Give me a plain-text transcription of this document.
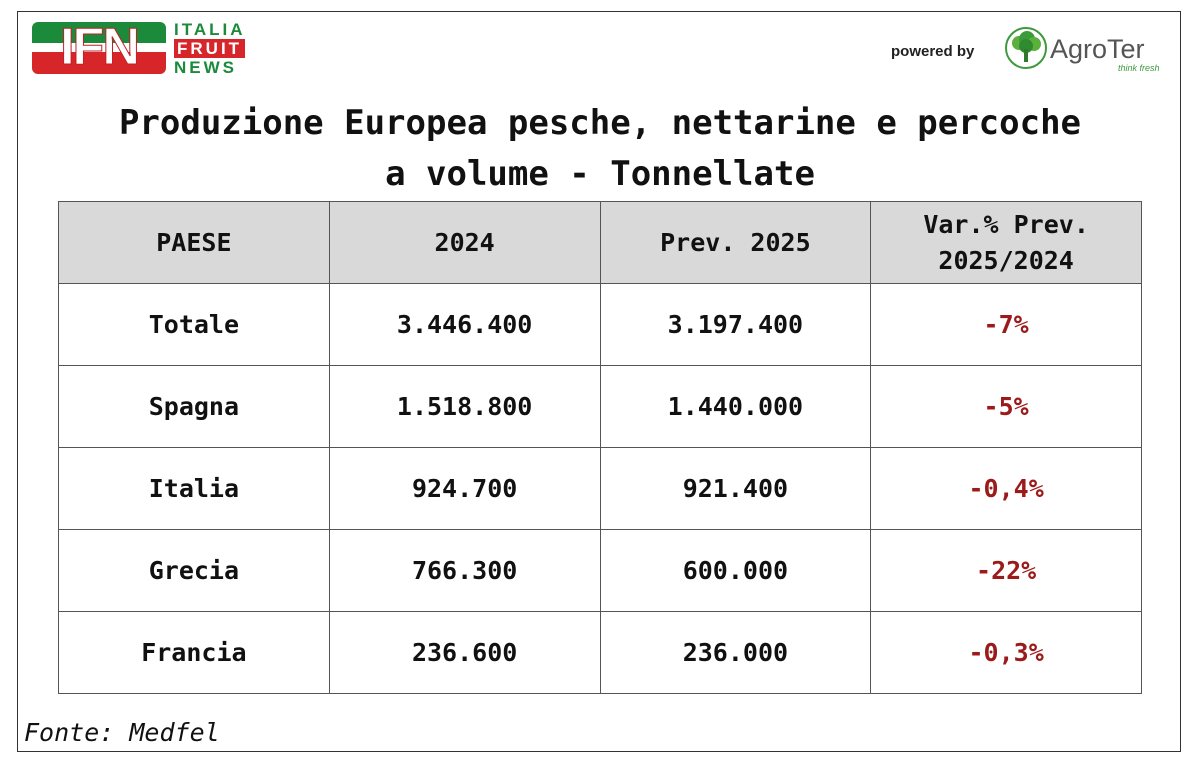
IFN	ITALIA
FRUIT
NEWS
powered by	AgroTer
think fresh
Produzione Europea pesche, nettarine e percoche
a volume - Tonnellate
PAESE	2024	Prev. 2025	Var.% Prev.
2025/2024
Totale	3.446.400	3.197.400	-7%
Spagna	1.518.800	1.440.000	-5%
Italia	924.700	921.400	-0,4%
Grecia	766.300	600.000	-22%
Francia	236.600	236.000	-0,3%
Fonte: Medfel
